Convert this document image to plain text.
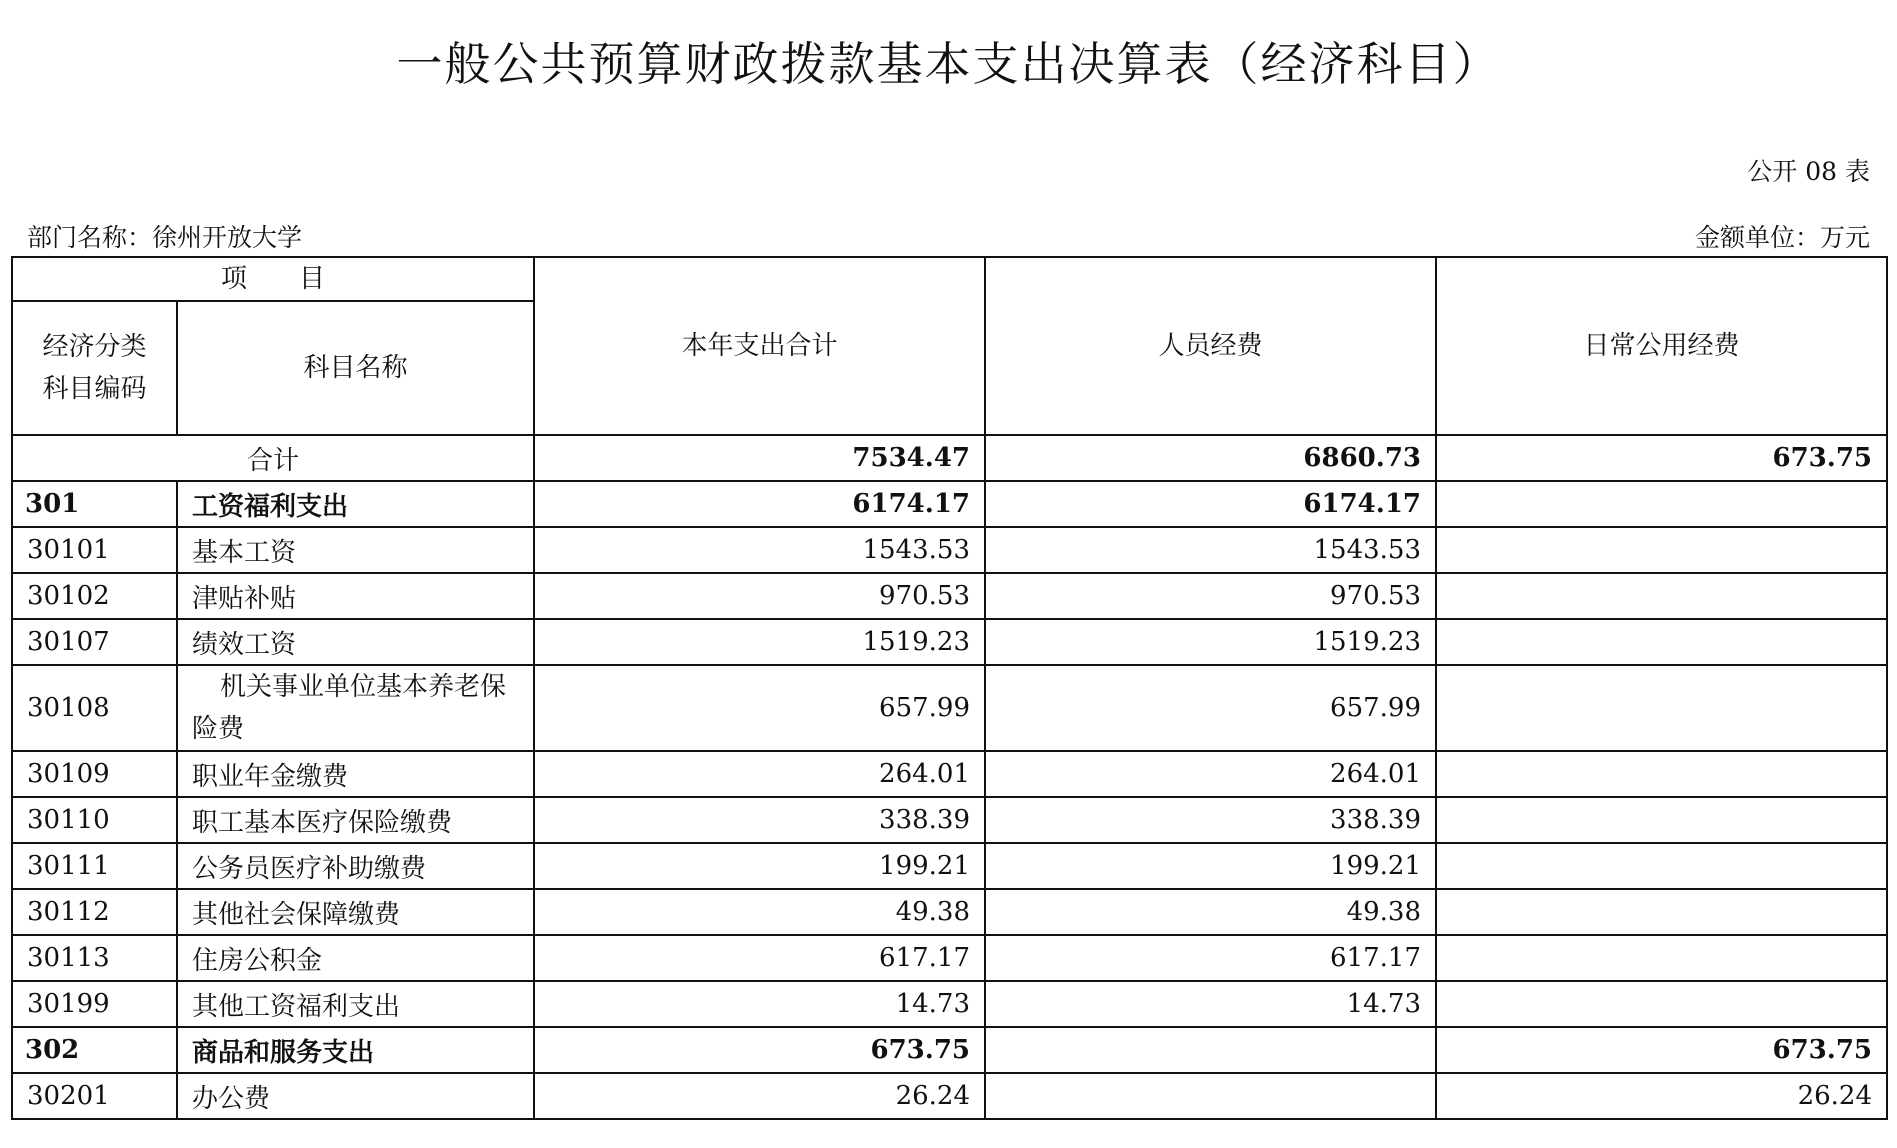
一般公共预算财政拨款基本支出决算表（经济科目）
公开 08 表
部门名称：徐州开放大学	金额单位：万元
项　　目		本年支出合计	人员经费	日常公用经费
经济分类
科目编码	科目名称			
合计		7534.47	6860.73	673.75
301	工资福利支出	6174.17	6174.17	
30101	基本工资	1543.53	1543.53	
30102	津贴补贴	970.53	970.53	
30107	绩效工资	1519.23	1519.23	
30108	机关事业单位基本养老保险费	657.99	657.99	
30109	职业年金缴费	264.01	264.01	
30110	职工基本医疗保险缴费	338.39	338.39	
30111	公务员医疗补助缴费	199.21	199.21	
30112	其他社会保障缴费	49.38	49.38	
30113	住房公积金	617.17	617.17	
30199	其他工资福利支出	14.73	14.73	
302	商品和服务支出	673.75		673.75
30201	办公费	26.24		26.24
